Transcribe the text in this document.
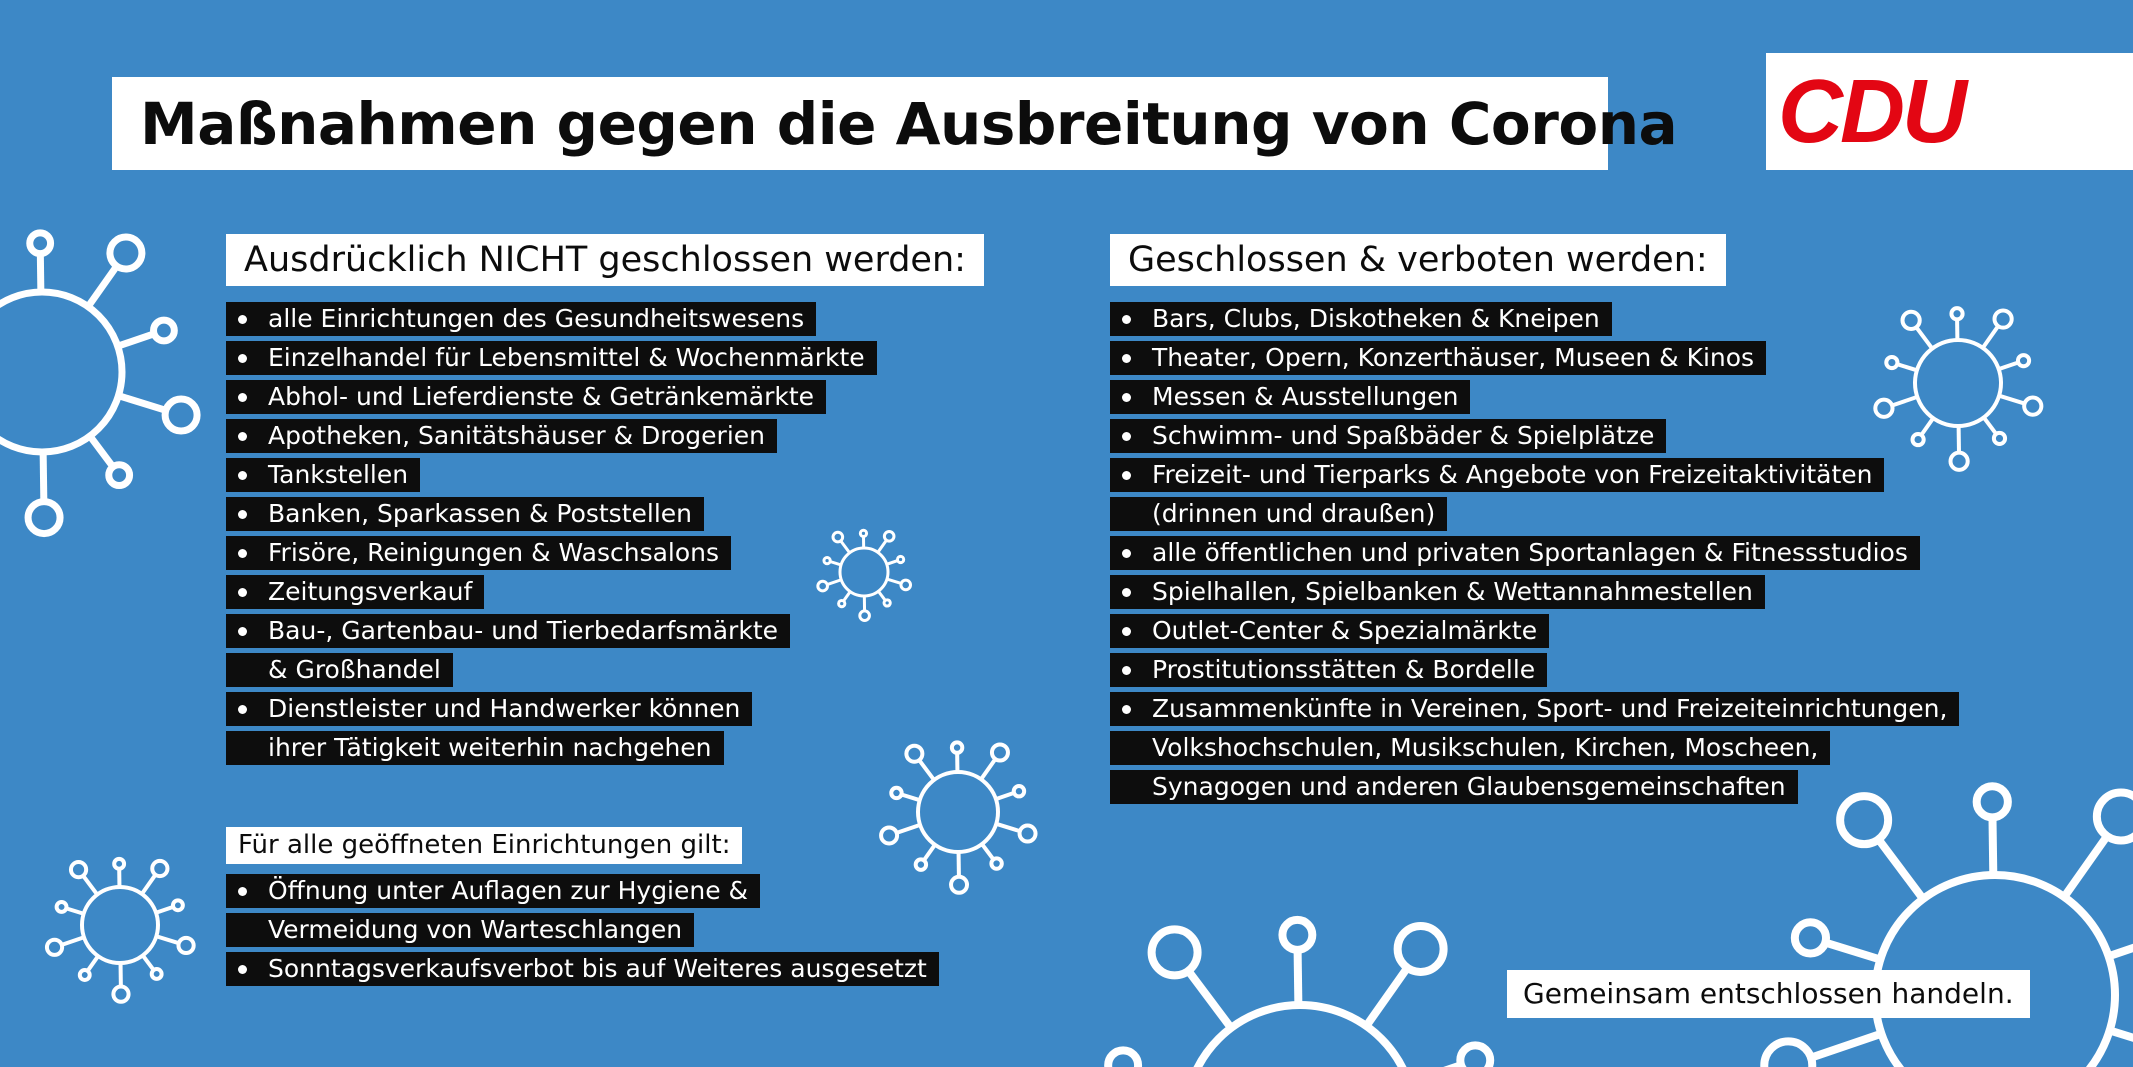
Maßnahmen gegen die Ausbreitung von Corona CDU
Ausdrücklich NICHT geschlossen werden:
alle Einrichtungen des Gesundheitswesens
Einzelhandel für Lebensmittel & Wochenmärkte
Abhol- und Lieferdienste & Getränkemärkte
Apotheken, Sanitätshäuser & Drogerien
Tankstellen
Banken, Sparkassen & Poststellen
Frisöre, Reinigungen & Waschsalons
Zeitungsverkauf
Bau-, Gartenbau- und Tierbedarfsmärkte
& Großhandel
Dienstleister und Handwerker können
ihrer Tätigkeit weiterhin nachgehen
Für alle geöffneten Einrichtungen gilt:
Öffnung unter Auflagen zur Hygiene &
Vermeidung von Warteschlangen
Sonntagsverkaufsverbot bis auf Weiteres ausgesetzt
Geschlossen & verboten werden:
Bars, Clubs, Diskotheken & Kneipen
Theater, Opern, Konzerthäuser, Museen & Kinos
Messen & Ausstellungen
Schwimm- und Spaßbäder & Spielplätze
Freizeit- und Tierparks & Angebote von Freizeitaktivitäten
(drinnen und draußen)
alle öffentlichen und privaten Sportanlagen & Fitnessstudios
Spielhallen, Spielbanken & Wettannahmestellen
Outlet-Center & Spezialmärkte
Prostitutionsstätten & Bordelle
Zusammenkünfte in Vereinen, Sport- und Freizeiteinrichtungen,
Volkshochschulen, Musikschulen, Kirchen, Moscheen,
Synagogen und anderen Glaubensgemeinschaften
Gemeinsam entschlossen handeln.
